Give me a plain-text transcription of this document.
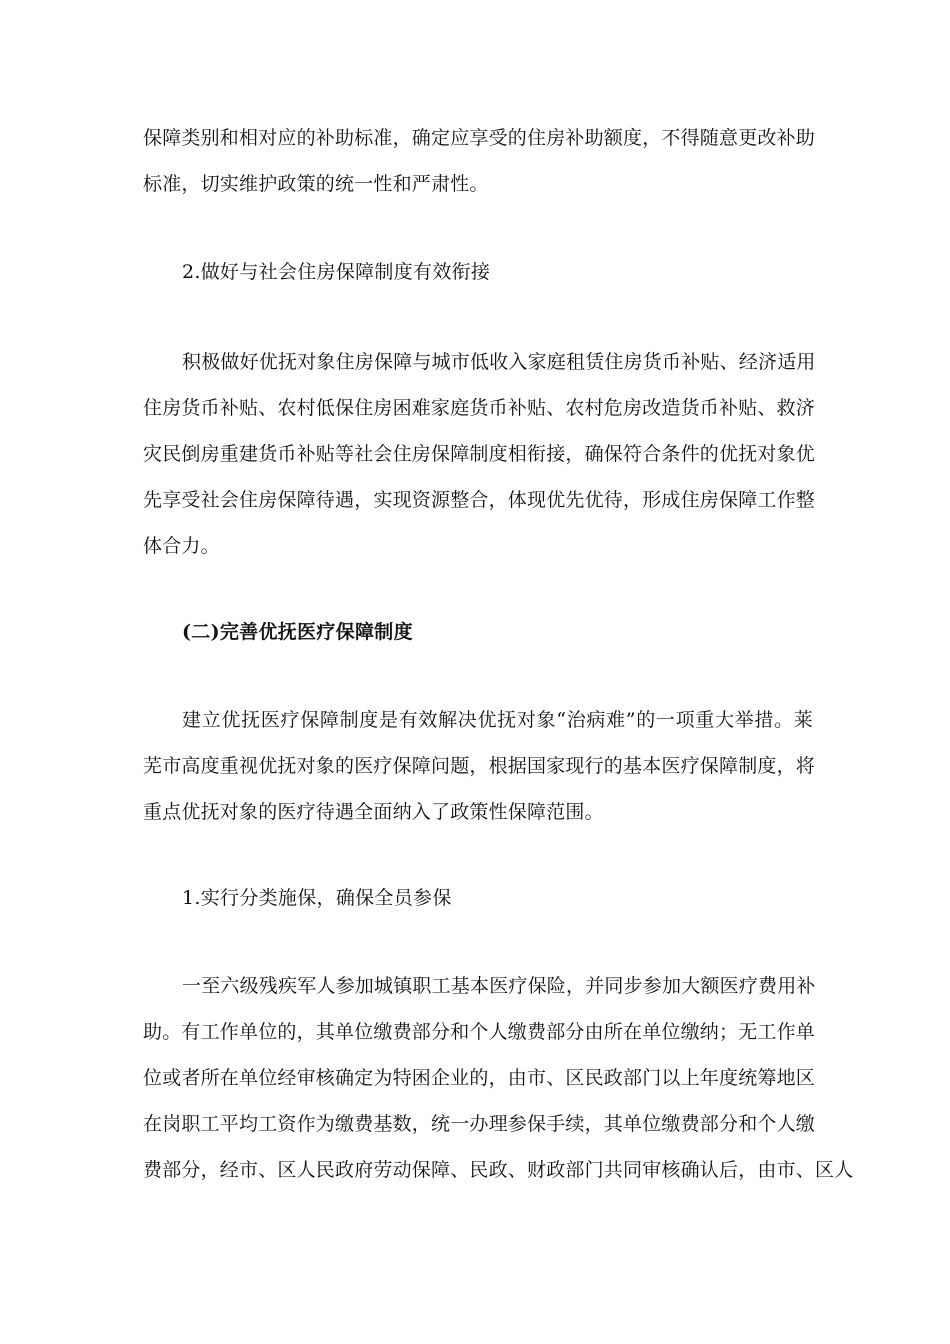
保障类别和相对应的补助标准，确定应享受的住房补助额度，不得随意更改补助
标准，切实维护政策的统一性和严肃性。
2.做好与社会住房保障制度有效衔接
积极做好优抚对象住房保障与城市低收入家庭租赁住房货币补贴、经济适用
住房货币补贴、农村低保住房困难家庭货币补贴、农村危房改造货币补贴、救济
灾民倒房重建货币补贴等社会住房保障制度相衔接，确保符合条件的优抚对象优
先享受社会住房保障待遇，实现资源整合，体现优先优待，形成住房保障工作整
体合力。
(二)完善优抚医疗保障制度
建立优抚医疗保障制度是有效解决优抚对象“治病难”的一项重大举措。莱
芜市高度重视优抚对象的医疗保障问题，根据国家现行的基本医疗保障制度，将
重点优抚对象的医疗待遇全面纳入了政策性保障范围。
1.实行分类施保，确保全员参保
一至六级残疾军人参加城镇职工基本医疗保险，并同步参加大额医疗费用补
助。有工作单位的，其单位缴费部分和个人缴费部分由所在单位缴纳；无工作单
位或者所在单位经审核确定为特困企业的，由市、区民政部门以上年度统筹地区
在岗职工平均工资作为缴费基数，统一办理参保手续，其单位缴费部分和个人缴
费部分，经市、区人民政府劳动保障、民政、财政部门共同审核确认后，由市、区人
